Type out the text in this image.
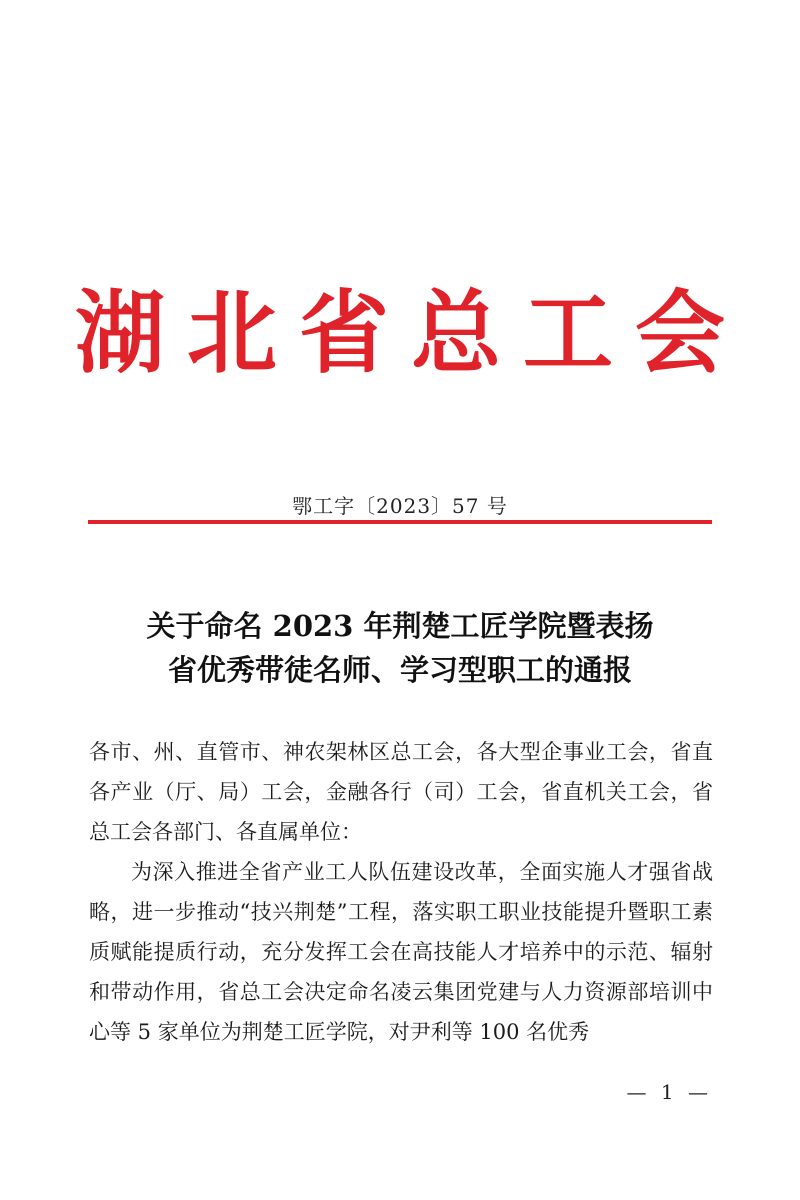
湖北省总工会
鄂工字〔2023〕57 号
关于命名 2023 年荆楚工匠学院暨表扬
省优秀带徒名师、学习型职工的通报

各市、州、直管市、神农架林区总工会，各大型企事业工会，省直各产业（厅、局）工会，金融各行（司）工会，省直机关工会，省总工会各部门、各直属单位：

为深入推进全省产业工人队伍建设改革，全面实施人才强省战略，进一步推动“技兴荆楚”工程，落实职工职业技能提升暨职工素质赋能提质行动，充分发挥工会在高技能人才培养中的示范、辐射和带动作用，省总工会决定命名凌云集团党建与人力资源部培训中心等 5 家单位为荆楚工匠学院，对尹利等 100 名优秀

— 1 —
